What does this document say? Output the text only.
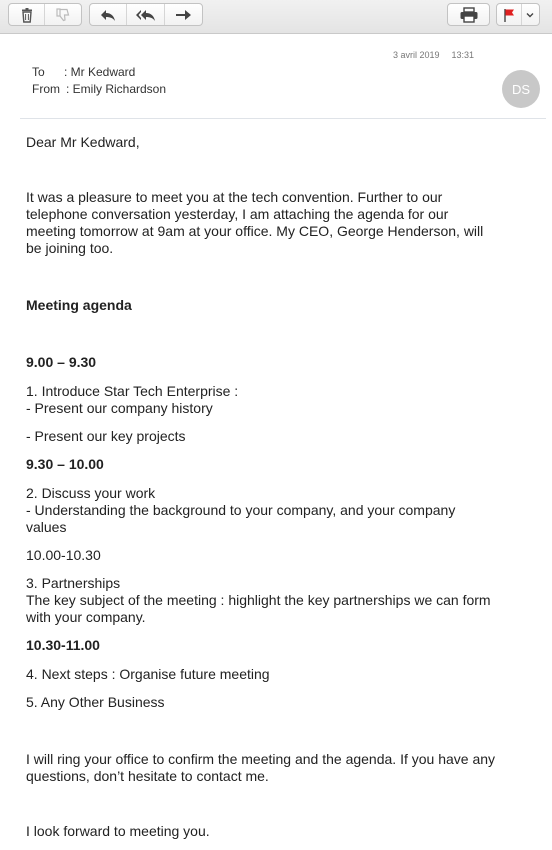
3 avril 2019 13:31
To : Mr Kedward
From : Emily Richardson	DS
Dear Mr Kedward,
It was a pleasure to meet you at the tech convention. Further to our
telephone conversation yesterday, I am attaching the agenda for our
meeting tomorrow at 9am at your office. My CEO, George Henderson, will
be joining too.
Meeting agenda
9.00 – 9.30
1. Introduce Star Tech Enterprise :
- Present our company history
- Present our key projects
9.30 – 10.00
2. Discuss your work
- Understanding the background to your company, and your company
values
10.00-10.30
3. Partnerships
The key subject of the meeting : highlight the key partnerships we can form
with your company.
10.30-11.00
4. Next steps : Organise future meeting
5. Any Other Business
I will ring your office to confirm the meeting and the agenda. If you have any
questions, don’t hesitate to contact me.
I look forward to meeting you.
